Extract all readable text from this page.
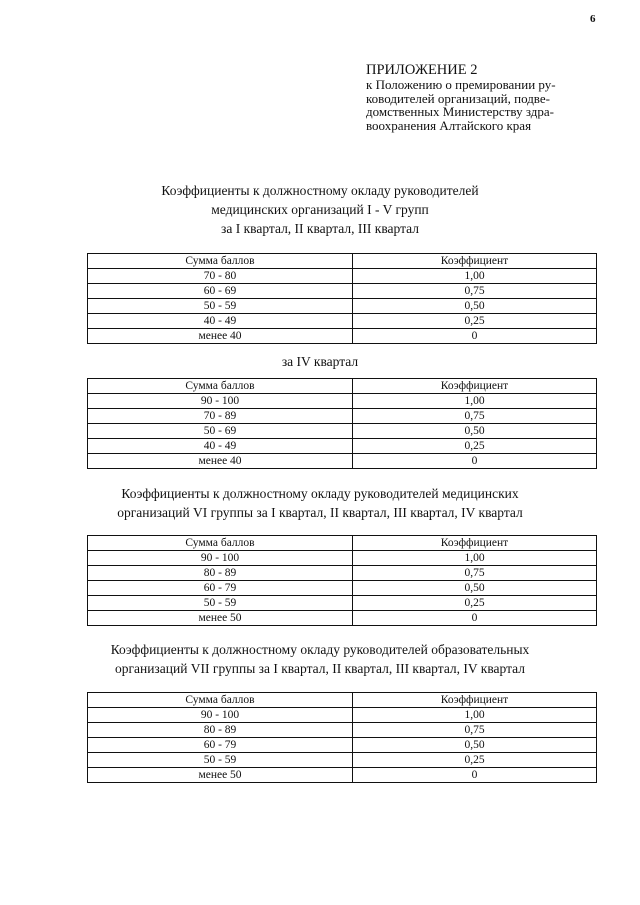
6
ПРИЛОЖЕНИЕ 2
к Положению о премировании ру-
ководителей организаций, подве-
домственных Министерству здра-
воохранения Алтайского края
Коэффициенты к должностному окладу руководителей
медицинских организаций I - V групп
за I квартал, II квартал, III квартал
Сумма баллов	Коэффициент
70 - 80	1,00
60 - 69	0,75
50 - 59	0,50
40 - 49	0,25
менее 40	0
за IV квартал
Сумма баллов	Коэффициент
90 - 100	1,00
70 - 89	0,75
50 - 69	0,50
40 - 49	0,25
менее 40	0
Коэффициенты к должностному окладу руководителей медицинских
организаций VI группы за I квартал, II квартал, III квартал, IV квартал
Сумма баллов	Коэффициент
90 - 100	1,00
80 - 89	0,75
60 - 79	0,50
50 - 59	0,25
менее 50	0
Коэффициенты к должностному окладу руководителей образовательных
организаций VII группы за I квартал, II квартал, III квартал, IV квартал
Сумма баллов	Коэффициент
90 - 100	1,00
80 - 89	0,75
60 - 79	0,50
50 - 59	0,25
менее 50	0
